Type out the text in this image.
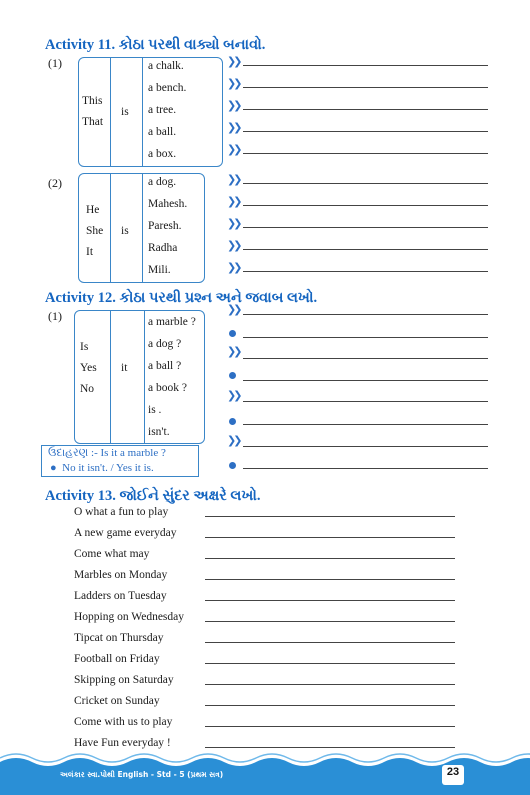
Activity 11. કોઠા પરથી વાક્યો બનાવો.
(1)
This
That
is
a chalk.
a bench.
a tree.
a ball.
a box.
❯❯
❯❯
❯❯
❯❯
❯❯
(2)
He
She
It
is
a dog.
Mahesh.
Paresh.
Radha
Mili.
❯❯
❯❯
❯❯
❯❯
❯❯
Activity 12. કોઠા પરથી પ્રશ્ન અને જવાબ લખો.
(1)
Is
Yes
No
it
a marble ?
a dog ?
a ball ?
a book ?
is .
isn't.
ઉદાહરણ :- Is it a marble ?
● No it isn't. / Yes it is.
❯❯
❯❯
❯❯
❯❯
Activity 13. જોઈને સુંદર અક્ષરે લખો.
O what a fun to play
A new game everyday
Come what may
Marbles on Monday
Ladders on Tuesday
Hopping on Wednesday
Tipcat on Thursday
Football on Friday
Skipping on Saturday
Cricket on Sunday
Come with us to play
Have Fun everyday !
અલંકાર સ્વા.પોથી English - Std - 5 (પ્રથમ સત્ર)	23
